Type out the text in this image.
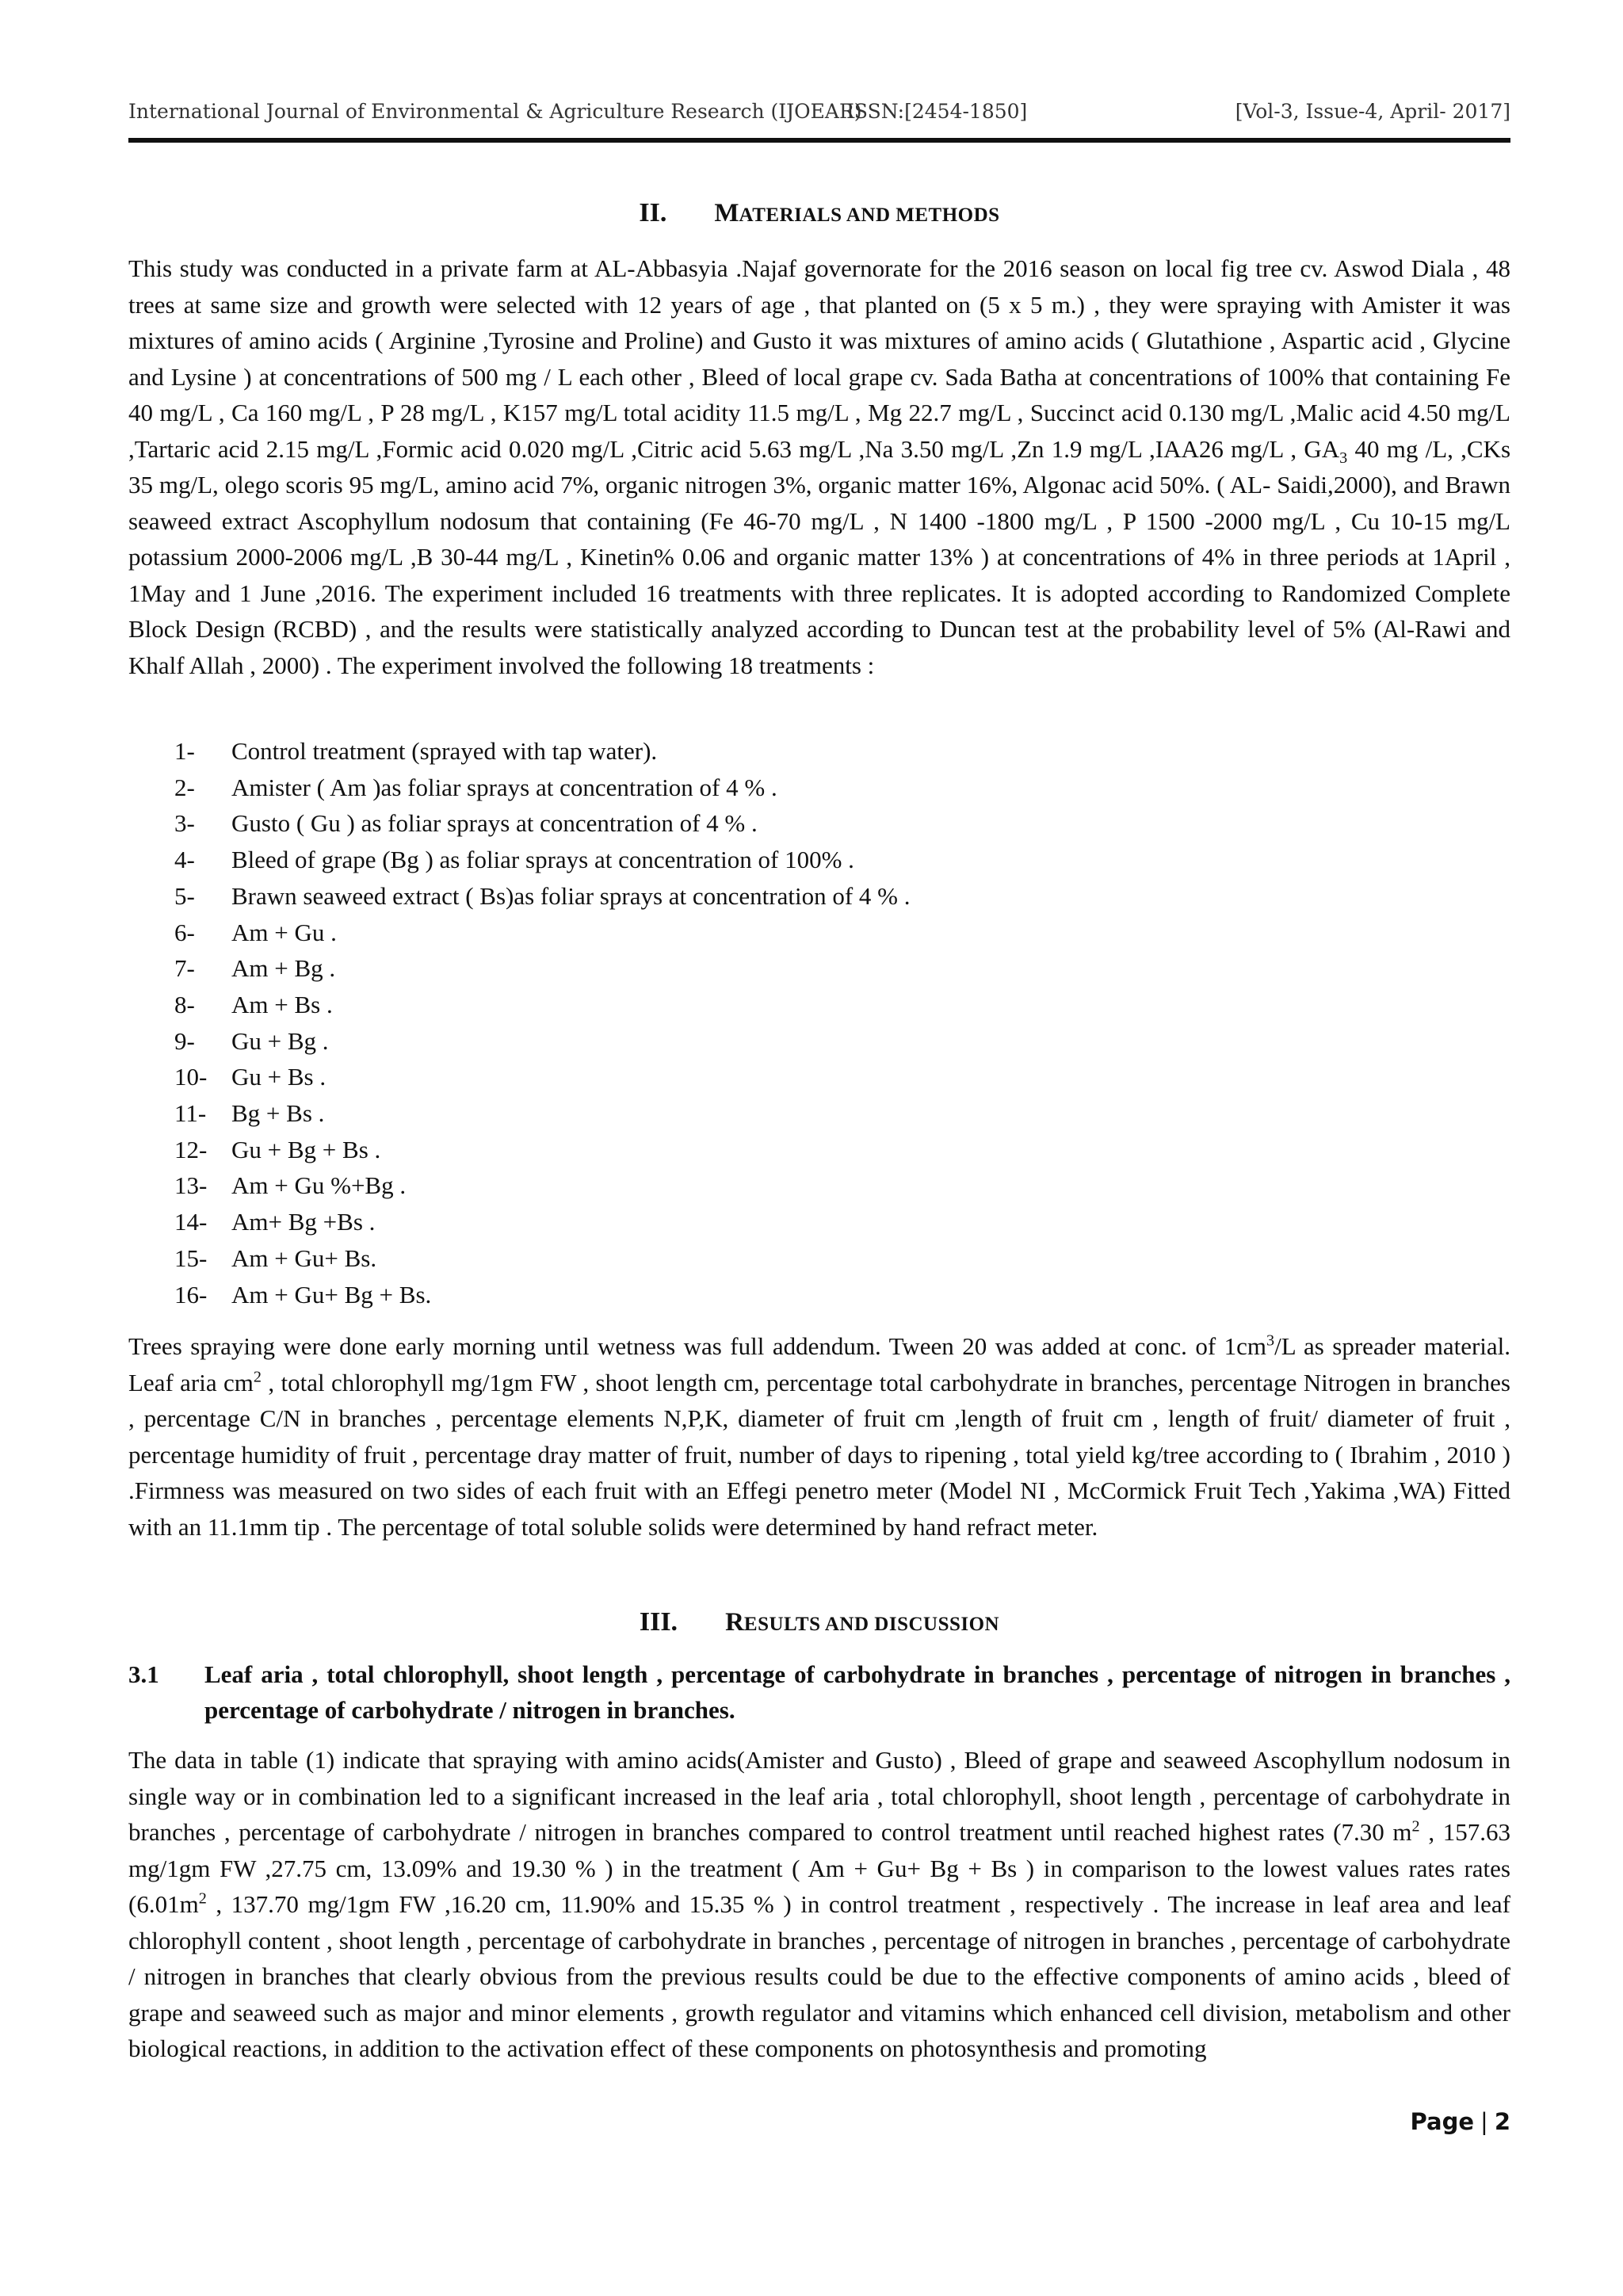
International Journal of Environmental & Agriculture Research (IJOEAR)
ISSN:[2454-1850]	[Vol-3, Issue-4, April- 2017]
II. MATERIALS AND METHODS

This study was conducted in a private farm at AL-Abbasyia .Najaf governorate for the 2016 season on local fig tree cv. Aswod Diala , 48 trees at same size and growth were selected with 12 years of age , that planted on (5 x 5 m.) , they were spraying with Amister it was mixtures of amino acids ( Arginine ,Tyrosine and Proline) and Gusto it was mixtures of amino acids ( Glutathione , Aspartic acid , Glycine and Lysine ) at concentrations of 500 mg / L each other , Bleed of local grape cv. Sada Batha at concentrations of 100% that containing Fe 40 mg/L , Ca 160 mg/L , P 28 mg/L , K157 mg/L total acidity 11.5 mg/L , Mg 22.7 mg/L , Succinct acid 0.130 mg/L ,Malic acid 4.50 mg/L ,Tartaric acid 2.15 mg/L ,Formic acid 0.020 mg/L ,Citric acid 5.63 mg/L ,Na 3.50 mg/L ,Zn 1.9 mg/L ,IAA26 mg/L , $GA_3$ 40 mg /L, ,CKs 35 mg/L, olego scoris 95 mg/L, amino acid 7%, organic nitrogen 3%, organic matter 16%, Algonac acid 50%. ( AL- Saidi,2000), and Brawn seaweed extract Ascophyllum nodosum that containing (Fe 46-70 mg/L , N 1400 -1800 mg/L , P 1500 -2000 mg/L , Cu 10-15 mg/L potassium 2000-2006 mg/L ,B 30-44 mg/L , Kinetin% 0.06 and organic matter 13% ) at concentrations of 4% in three periods at 1April , 1May and 1 June ,2016. The experiment included 16 treatments with three replicates. It is adopted according to Randomized Complete Block Design (RCBD) , and the results were statistically analyzed according to Duncan test at the probability level of 5% (Al-Rawi and Khalf Allah , 2000) . The experiment involved the following 18 treatments :

1- Control treatment (sprayed with tap water).
2- Amister ( Am )as foliar sprays at concentration of 4 % .
3- Gusto ( Gu ) as foliar sprays at concentration of 4 % .
4- Bleed of grape (Bg ) as foliar sprays at concentration of 100% .
5- Brawn seaweed extract ( Bs)as foliar sprays at concentration of 4 % .
6- Am + Gu .
7- Am + Bg .
8- Am + Bs .
9- Gu + Bg .
10- Gu + Bs .
11- Bg + Bs .
12- Gu + Bg + Bs .
13- Am + Gu %+Bg .
14- Am+ Bg +Bs .
15- Am + Gu+ Bs.
16- Am + Gu+ Bg + Bs.

Trees spraying were done early morning until wetness was full addendum. Tween 20 was added at conc. of $1cm^3/L$ as spreader material. Leaf aria $cm^2$ , total chlorophyll mg/1gm FW , shoot length cm, percentage total carbohydrate in branches, percentage Nitrogen in branches , percentage C/N in branches , percentage elements N,P,K, diameter of fruit cm ,length of fruit cm , length of fruit/ diameter of fruit , percentage humidity of fruit , percentage dray matter of fruit, number of days to ripening , total yield kg/tree according to ( Ibrahim , 2010 ) .Firmness was measured on two sides of each fruit with an Effegi penetro meter (Model NI , McCormick Fruit Tech ,Yakima ,WA) Fitted with an 11.1mm tip . The percentage of total soluble solids were determined by hand refract meter.

III. RESULTS AND DISCUSSION
3.1 Leaf aria , total chlorophyll, shoot length , percentage of carbohydrate in branches , percentage of nitrogen in branches , percentage of carbohydrate / nitrogen in branches.

The data in table (1) indicate that spraying with amino acids(Amister and Gusto) , Bleed of grape and seaweed Ascophyllum nodosum in single way or in combination led to a significant increased in the leaf aria , total chlorophyll, shoot length , percentage of carbohydrate in branches , percentage of carbohydrate / nitrogen in branches compared to control treatment until reached highest rates (7.30 $m^2$ , 157.63 mg/1gm FW ,27.75 cm, 13.09% and 19.30 % ) in the treatment ( Am + Gu+ Bg + Bs ) in comparison to the lowest values rates rates ($6.01m^2$ , 137.70 mg/1gm FW ,16.20 cm, 11.90% and 15.35 % ) in control treatment , respectively . The increase in leaf area and leaf chlorophyll content , shoot length , percentage of carbohydrate in branches , percentage of nitrogen in branches , percentage of carbohydrate / nitrogen in branches that clearly obvious from the previous results could be due to the effective components of amino acids , bleed of grape and seaweed such as major and minor elements , growth regulator and vitamins which enhanced cell division, metabolism and other biological reactions, in addition to the activation effect of these components on photosynthesis and promoting

Page | 2
